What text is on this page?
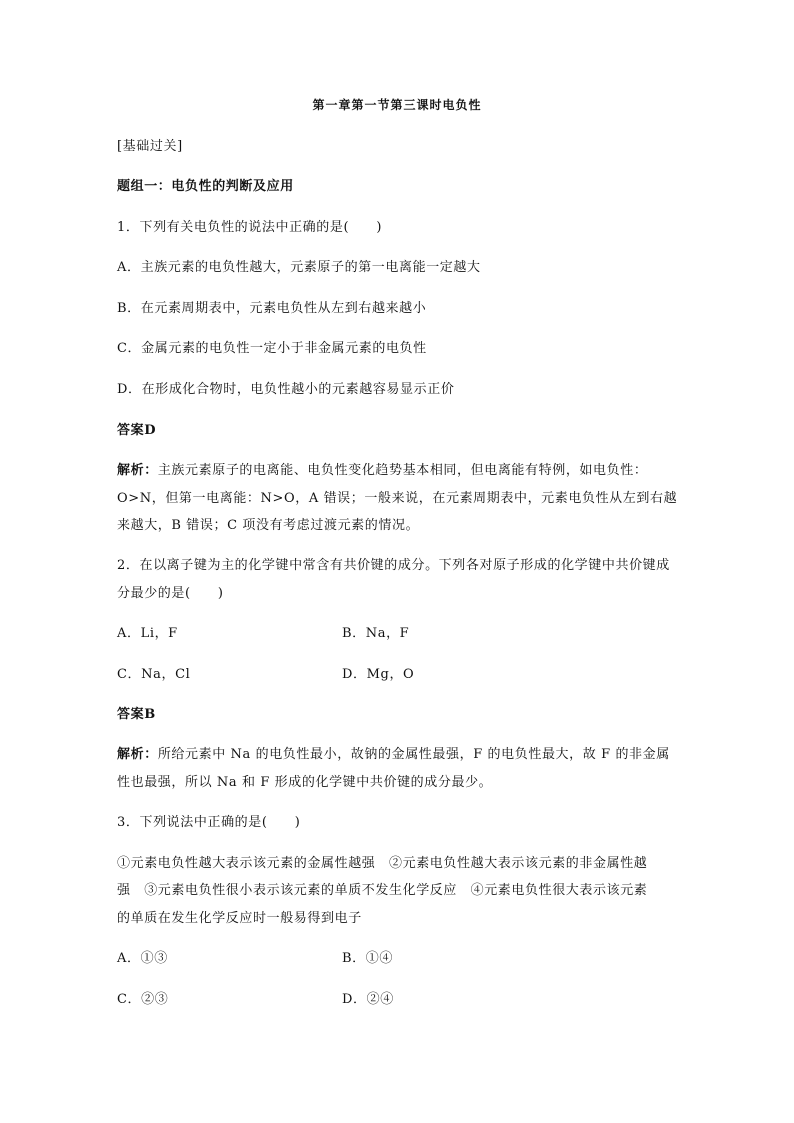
第一章第一节第三课时电负性
[基础过关]
题组一：电负性的判断及应用
1．下列有关电负性的说法中正确的是(　　)
A．主族元素的电负性越大，元素原子的第一电离能一定越大
B．在元素周期表中，元素电负性从左到右越来越小
C．金属元素的电负性一定小于非金属元素的电负性
D．在形成化合物时，电负性越小的元素越容易显示正价
答案D
解析：主族元素原子的电离能、电负性变化趋势基本相同，但电离能有特例，如电负性：
O>N，但第一电离能：N>O，A 错误；一般来说，在元素周期表中，元素电负性从左到右越
来越大，B 错误；C 项没有考虑过渡元素的情况。
2．在以离子键为主的化学键中常含有共价键的成分。下列各对原子形成的化学键中共价键成
分最少的是(　　)
A．Li，F	B．Na，F
C．Na，Cl	D．Mg，O
答案B
解析：所给元素中 Na 的电负性最小，故钠的金属性最强，F 的电负性最大，故 F 的非金属
性也最强，所以 Na 和 F 形成的化学键中共价键的成分最少。
3．下列说法中正确的是(　　)
①元素电负性越大表示该元素的金属性越强　②元素电负性越大表示该元素的非金属性越
强　③元素电负性很小表示该元素的单质不发生化学反应　④元素电负性很大表示该元素
的单质在发生化学反应时一般易得到电子
A．①③	B．①④
C．②③	D．②④
